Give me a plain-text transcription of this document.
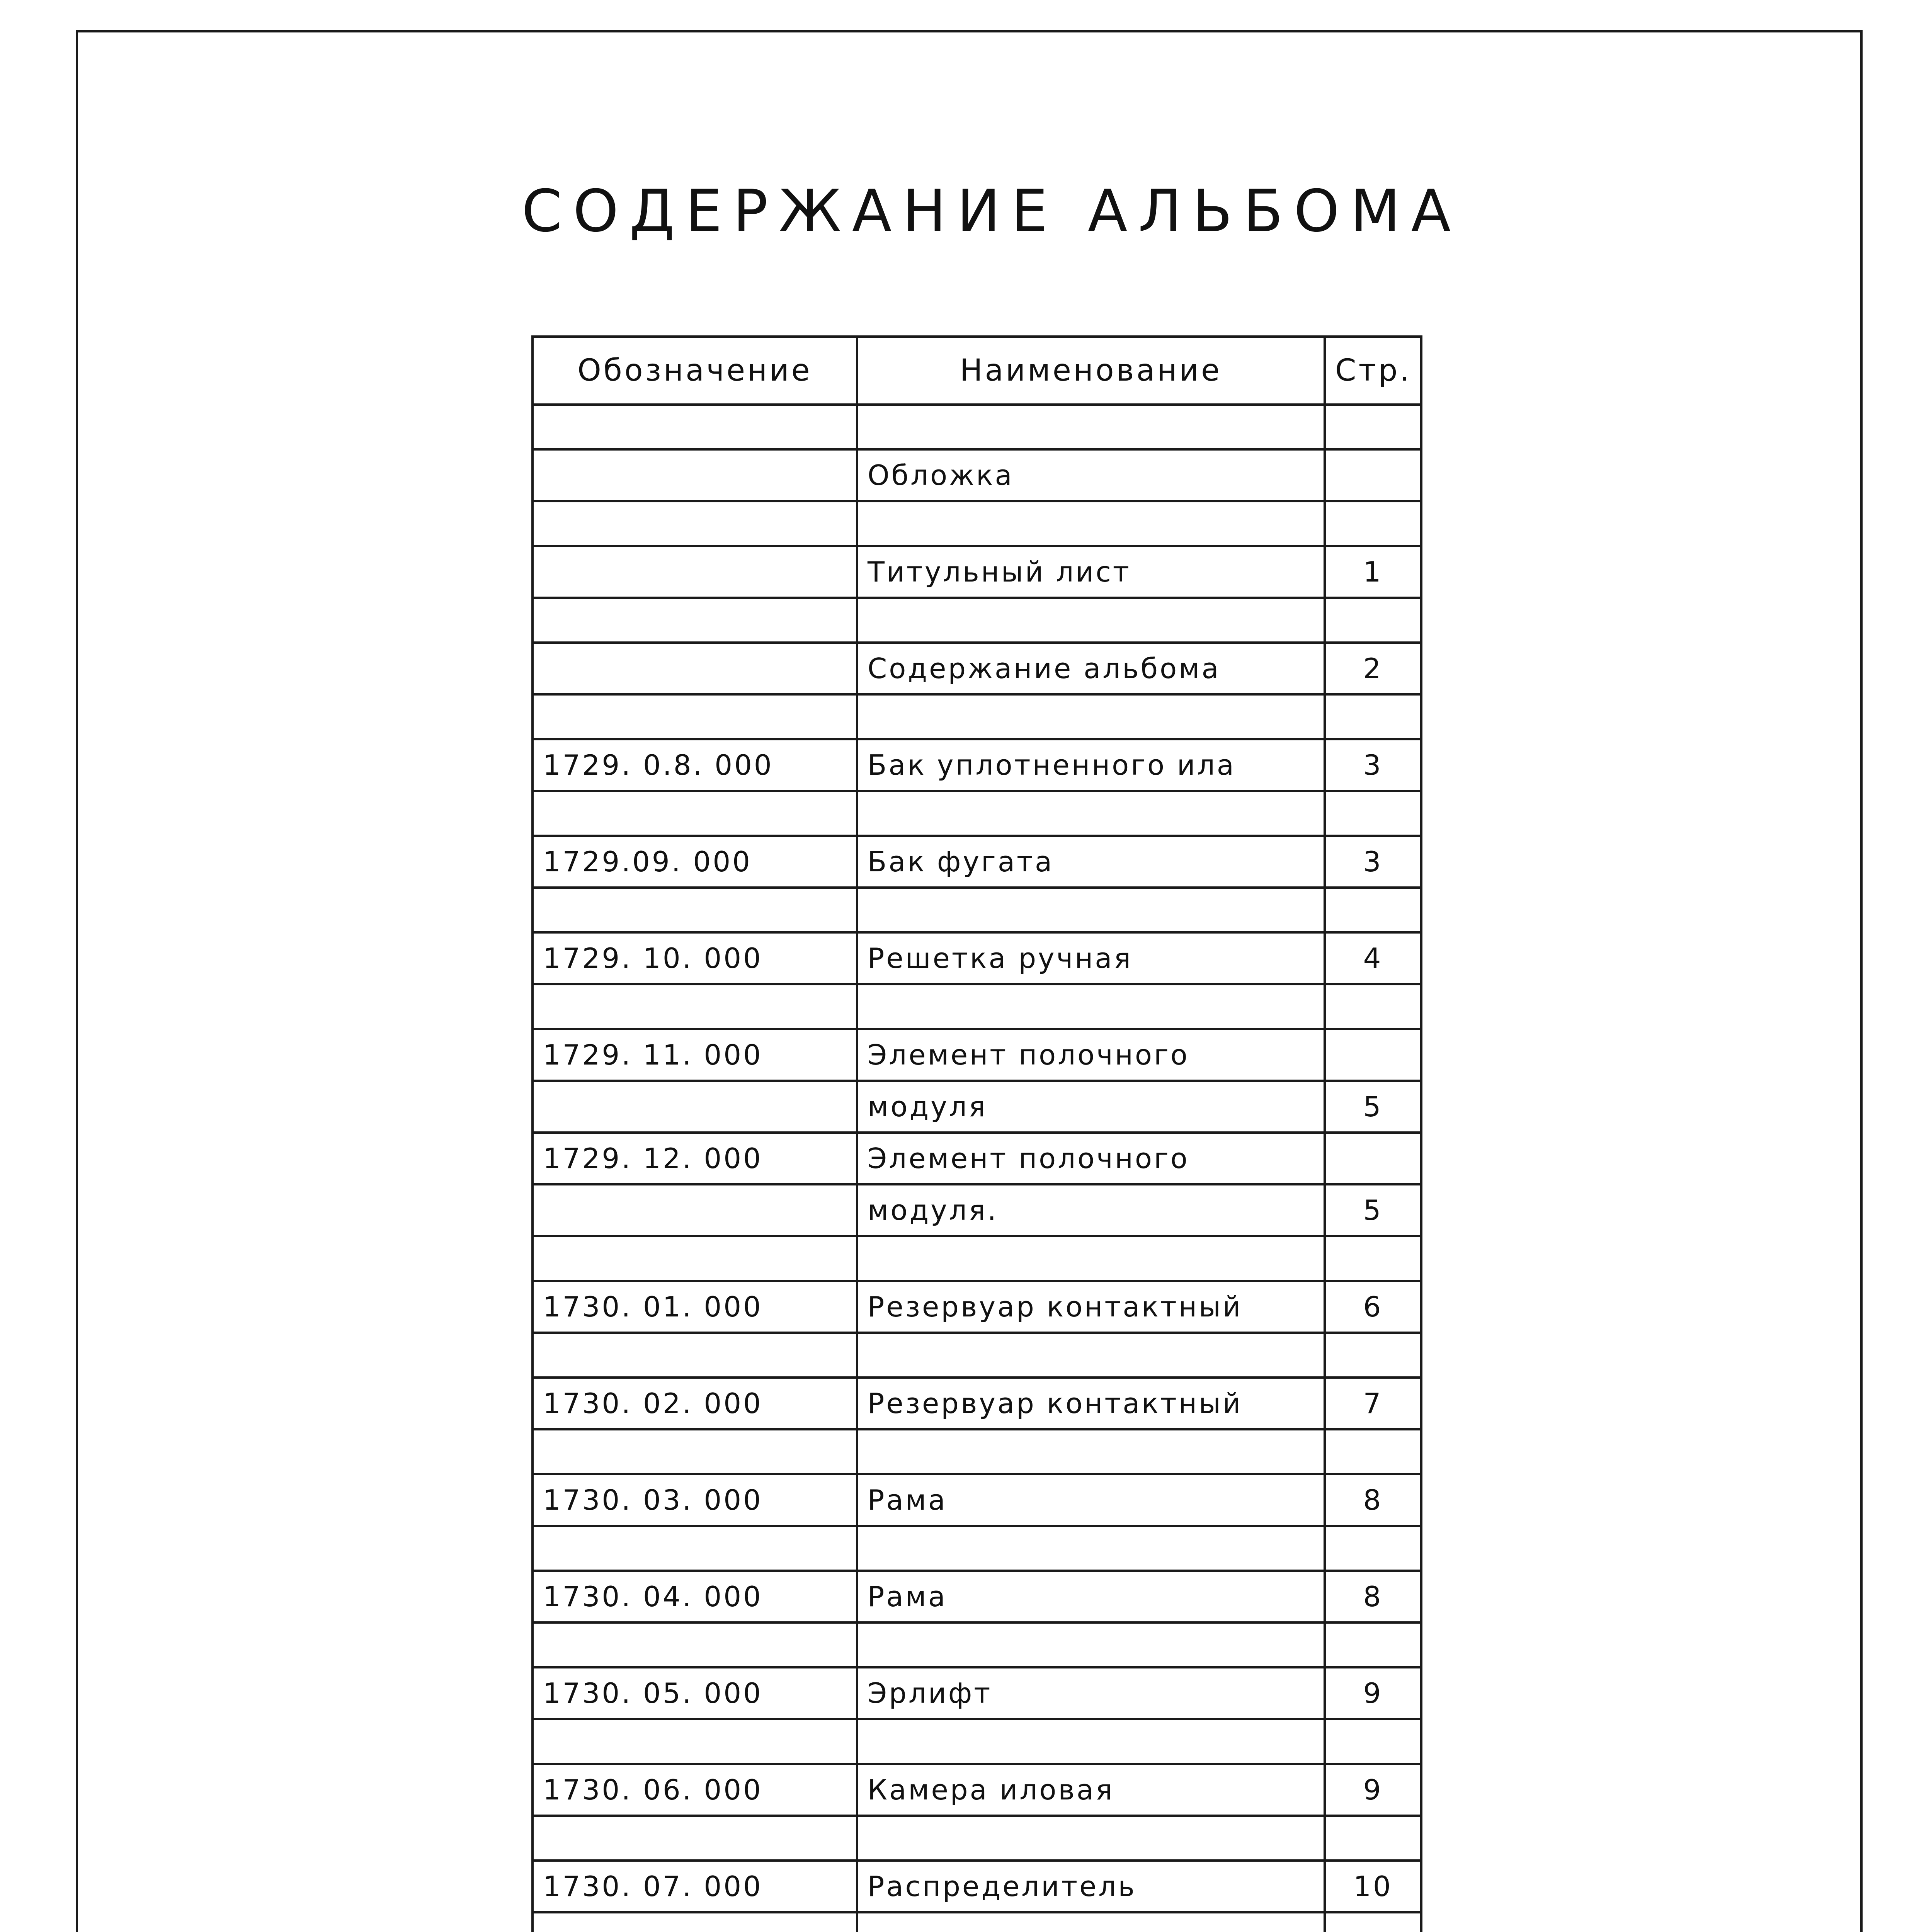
СОДЕРЖАНИЕ АЛЬБОМА
Обозначение	Наименование	Стр.

	Обложка	

	Титульный лист	1

	Содержание альбома	2

1729. 0.8. 000	Бак уплотненного ила	3

1729.09. 000	Бак фугата	3

1729. 10. 000	Решетка ручная	4

1729. 11. 000	Элемент полочного	
	модуля	5
1729. 12. 000	Элемент полочного	
	модуля.	5

1730. 01. 000	Резервуар контактный	6

1730. 02. 000	Резервуар контактный	7

1730. 03. 000	Рама	8

1730. 04. 000	Рама	8

1730. 05. 000	Эрлифт	9

1730. 06. 000	Камера иловая	9

1730. 07. 000	Распределитель	10
